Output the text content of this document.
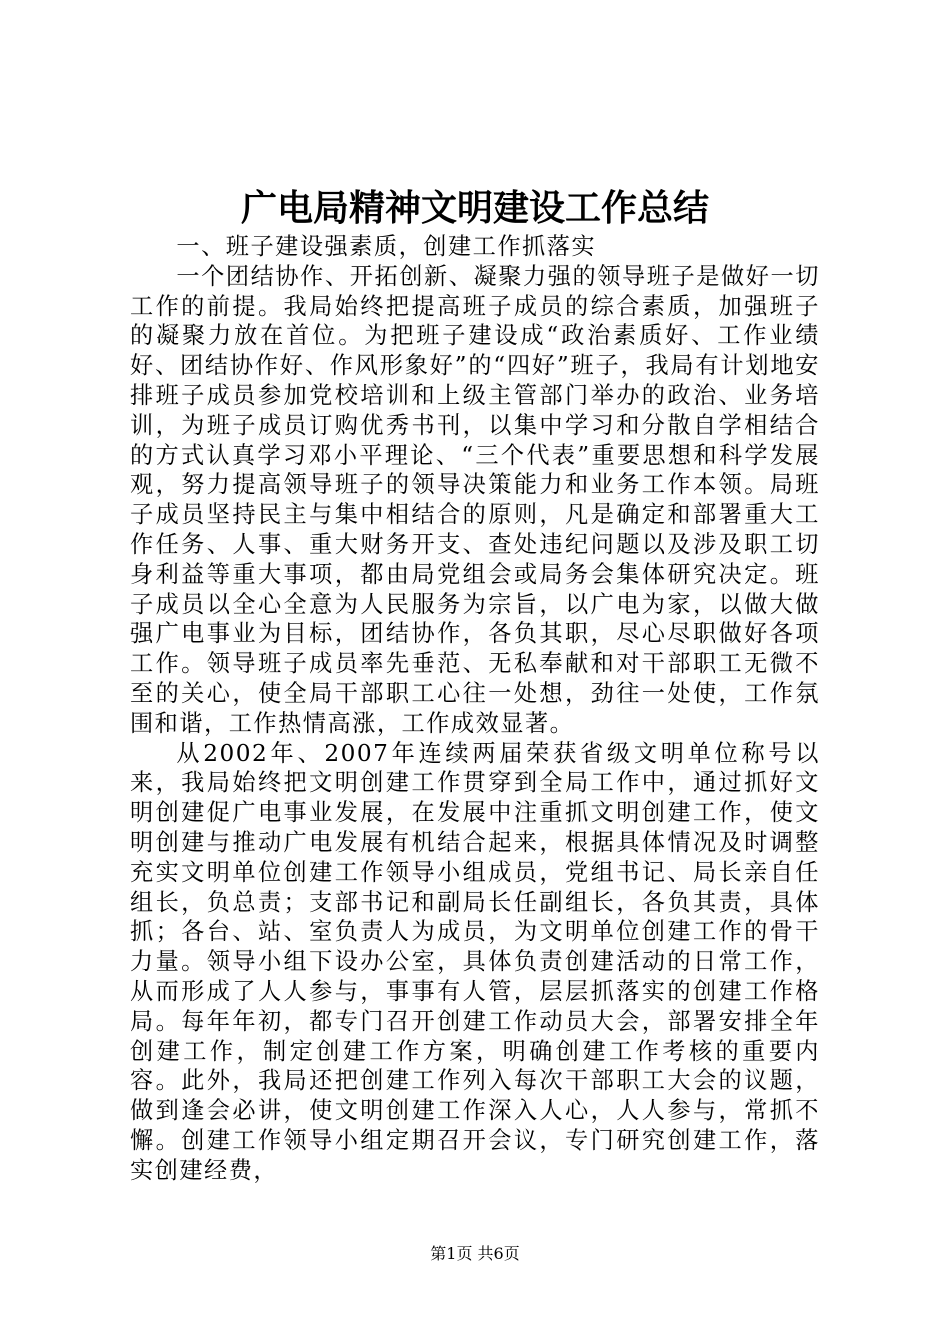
广电局精神文明建设工作总结

一、班子建设强素质，创建工作抓落实

一个团结协作、开拓创新、凝聚力强的领导班子是做好一切工作的前提。我局始终把提高班子成员的综合素质，加强班子的凝聚力放在首位。为把班子建设成“政治素质好、工作业绩好、团结协作好、作风形象好”的“四好”班子，我局有计划地安排班子成员参加党校培训和上级主管部门举办的政治、业务培训，为班子成员订购优秀书刊，以集中学习和分散自学相结合的方式认真学习邓小平理论、“三个代表”重要思想和科学发展观，努力提高领导班子的领导决策能力和业务工作本领。局班子成员坚持民主与集中相结合的原则，凡是确定和部署重大工作任务、人事、重大财务开支、查处违纪问题以及涉及职工切身利益等重大事项，都由局党组会或局务会集体研究决定。班子成员以全心全意为人民服务为宗旨，以广电为家，以做大做强广电事业为目标，团结协作，各负其职，尽心尽职做好各项工作。领导班子成员率先垂范、无私奉献和对干部职工无微不至的关心，使全局干部职工心往一处想，劲往一处使，工作氛围和谐，工作热情高涨，工作成效显著。

从2002年、2007年连续两届荣获省级文明单位称号以来，我局始终把文明创建工作贯穿到全局工作中，通过抓好文明创建促广电事业发展，在发展中注重抓文明创建工作，使文明创建与推动广电发展有机结合起来，根据具体情况及时调整充实文明单位创建工作领导小组成员，党组书记、局长亲自任组长，负总责；支部书记和副局长任副组长，各负其责，具体抓；各台、站、室负责人为成员，为文明单位创建工作的骨干力量。领导小组下设办公室，具体负责创建活动的日常工作，从而形成了人人参与，事事有人管，层层抓落实的创建工作格局。每年年初，都专门召开创建工作动员大会，部署安排全年创建工作，制定创建工作方案，明确创建工作考核的重要内容。此外，我局还把创建工作列入每次干部职工大会的议题，做到逢会必讲，使文明创建工作深入人心，人人参与，常抓不懈。创建工作领导小组定期召开会议，专门研究创建工作，落实创建经费，

第1页 共6页
